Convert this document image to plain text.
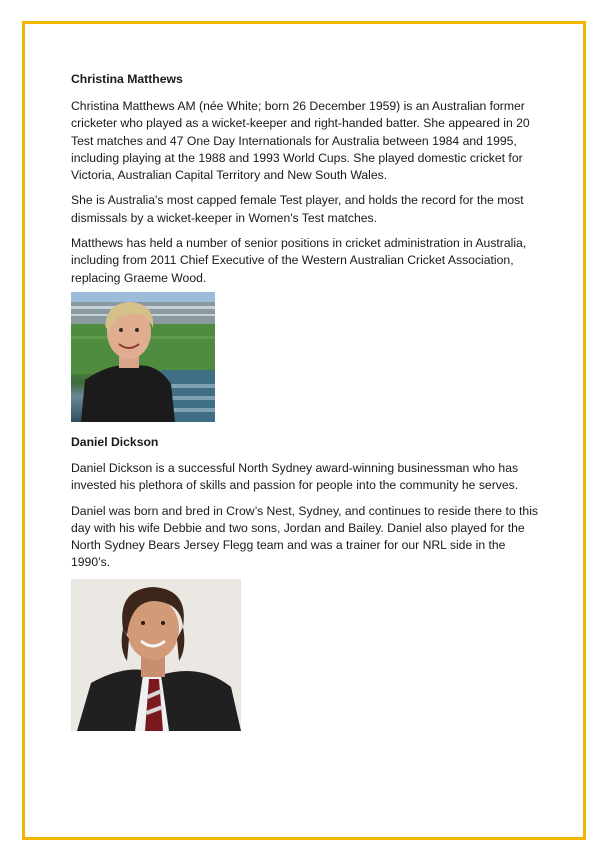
Christina Matthews

Christina Matthews AM (née White; born 26 December 1959) is an Australian former cricketer who played as a wicket-keeper and right-handed batter. She appeared in 20 Test matches and 47 One Day Internationals for Australia between 1984 and 1995, including playing at the 1988 and 1993 World Cups. She played domestic cricket for Victoria, Australian Capital Territory and New South Wales.

She is Australia's most capped female Test player, and holds the record for the most dismissals by a wicket-keeper in Women's Test matches.

Matthews has held a number of senior positions in cricket administration in Australia, including from 2011 Chief Executive of the Western Australian Cricket Association, replacing Graeme Wood.

Daniel Dickson

Daniel Dickson is a successful North Sydney award-winning businessman who has invested his plethora of skills and passion for people into the community he serves.

Daniel was born and bred in Crow’s Nest, Sydney, and continues to reside there to this day with his wife Debbie and two sons, Jordan and Bailey. Daniel also played for the North Sydney Bears Jersey Flegg team and was a trainer for our NRL side in the 1990’s.
